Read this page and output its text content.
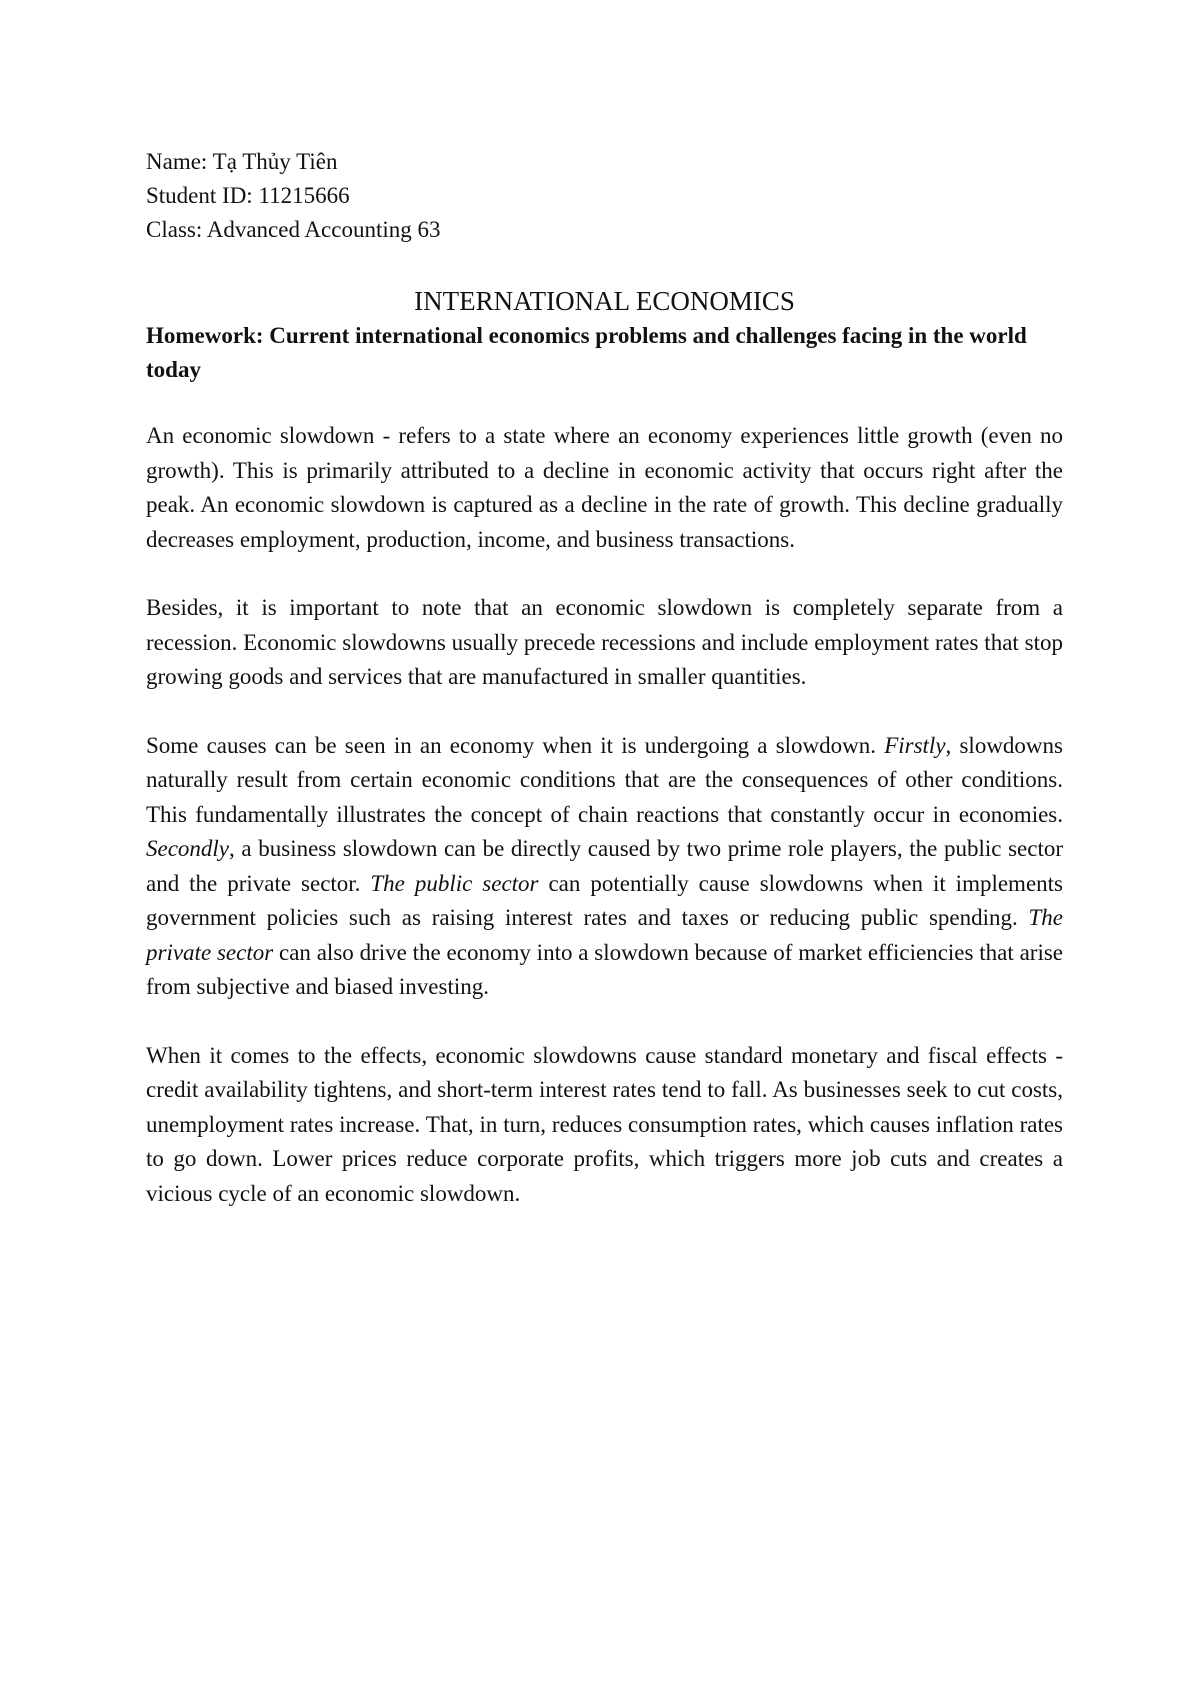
Name: Tạ Thủy Tiên

Student ID: 11215666

Class: Advanced Accounting 63

INTERNATIONAL ECONOMICS

Homework: Current international economics problems and challenges facing in the world today

An economic slowdown - refers to a state where an economy experiences little growth (even no growth). This is primarily attributed to a decline in economic activity that occurs right after the peak. An economic slowdown is captured as a decline in the rate of growth. This decline gradually decreases employment, production, income, and business transactions.

Besides, it is important to note that an economic slowdown is completely separate from a recession. Economic slowdowns usually precede recessions and include employment rates that stop growing goods and services that are manufactured in smaller quantities.

Some causes can be seen in an economy when it is undergoing a slowdown. Firstly, slowdowns naturally result from certain economic conditions that are the consequences of other conditions. This fundamentally illustrates the concept of chain reactions that constantly occur in economies. Secondly, a business slowdown can be directly caused by two prime role players, the public sector and the private sector. The public sector can potentially cause slowdowns when it implements government policies such as raising interest rates and taxes or reducing public spending. The private sector can also drive the economy into a slowdown because of market efficiencies that arise from subjective and biased investing.

When it comes to the effects, economic slowdowns cause standard monetary and fiscal effects - credit availability tightens, and short-term interest rates tend to fall. As businesses seek to cut costs, unemployment rates increase. That, in turn, reduces consumption rates, which causes inflation rates to go down. Lower prices reduce corporate profits, which triggers more job cuts and creates a vicious cycle of an economic slowdown.
